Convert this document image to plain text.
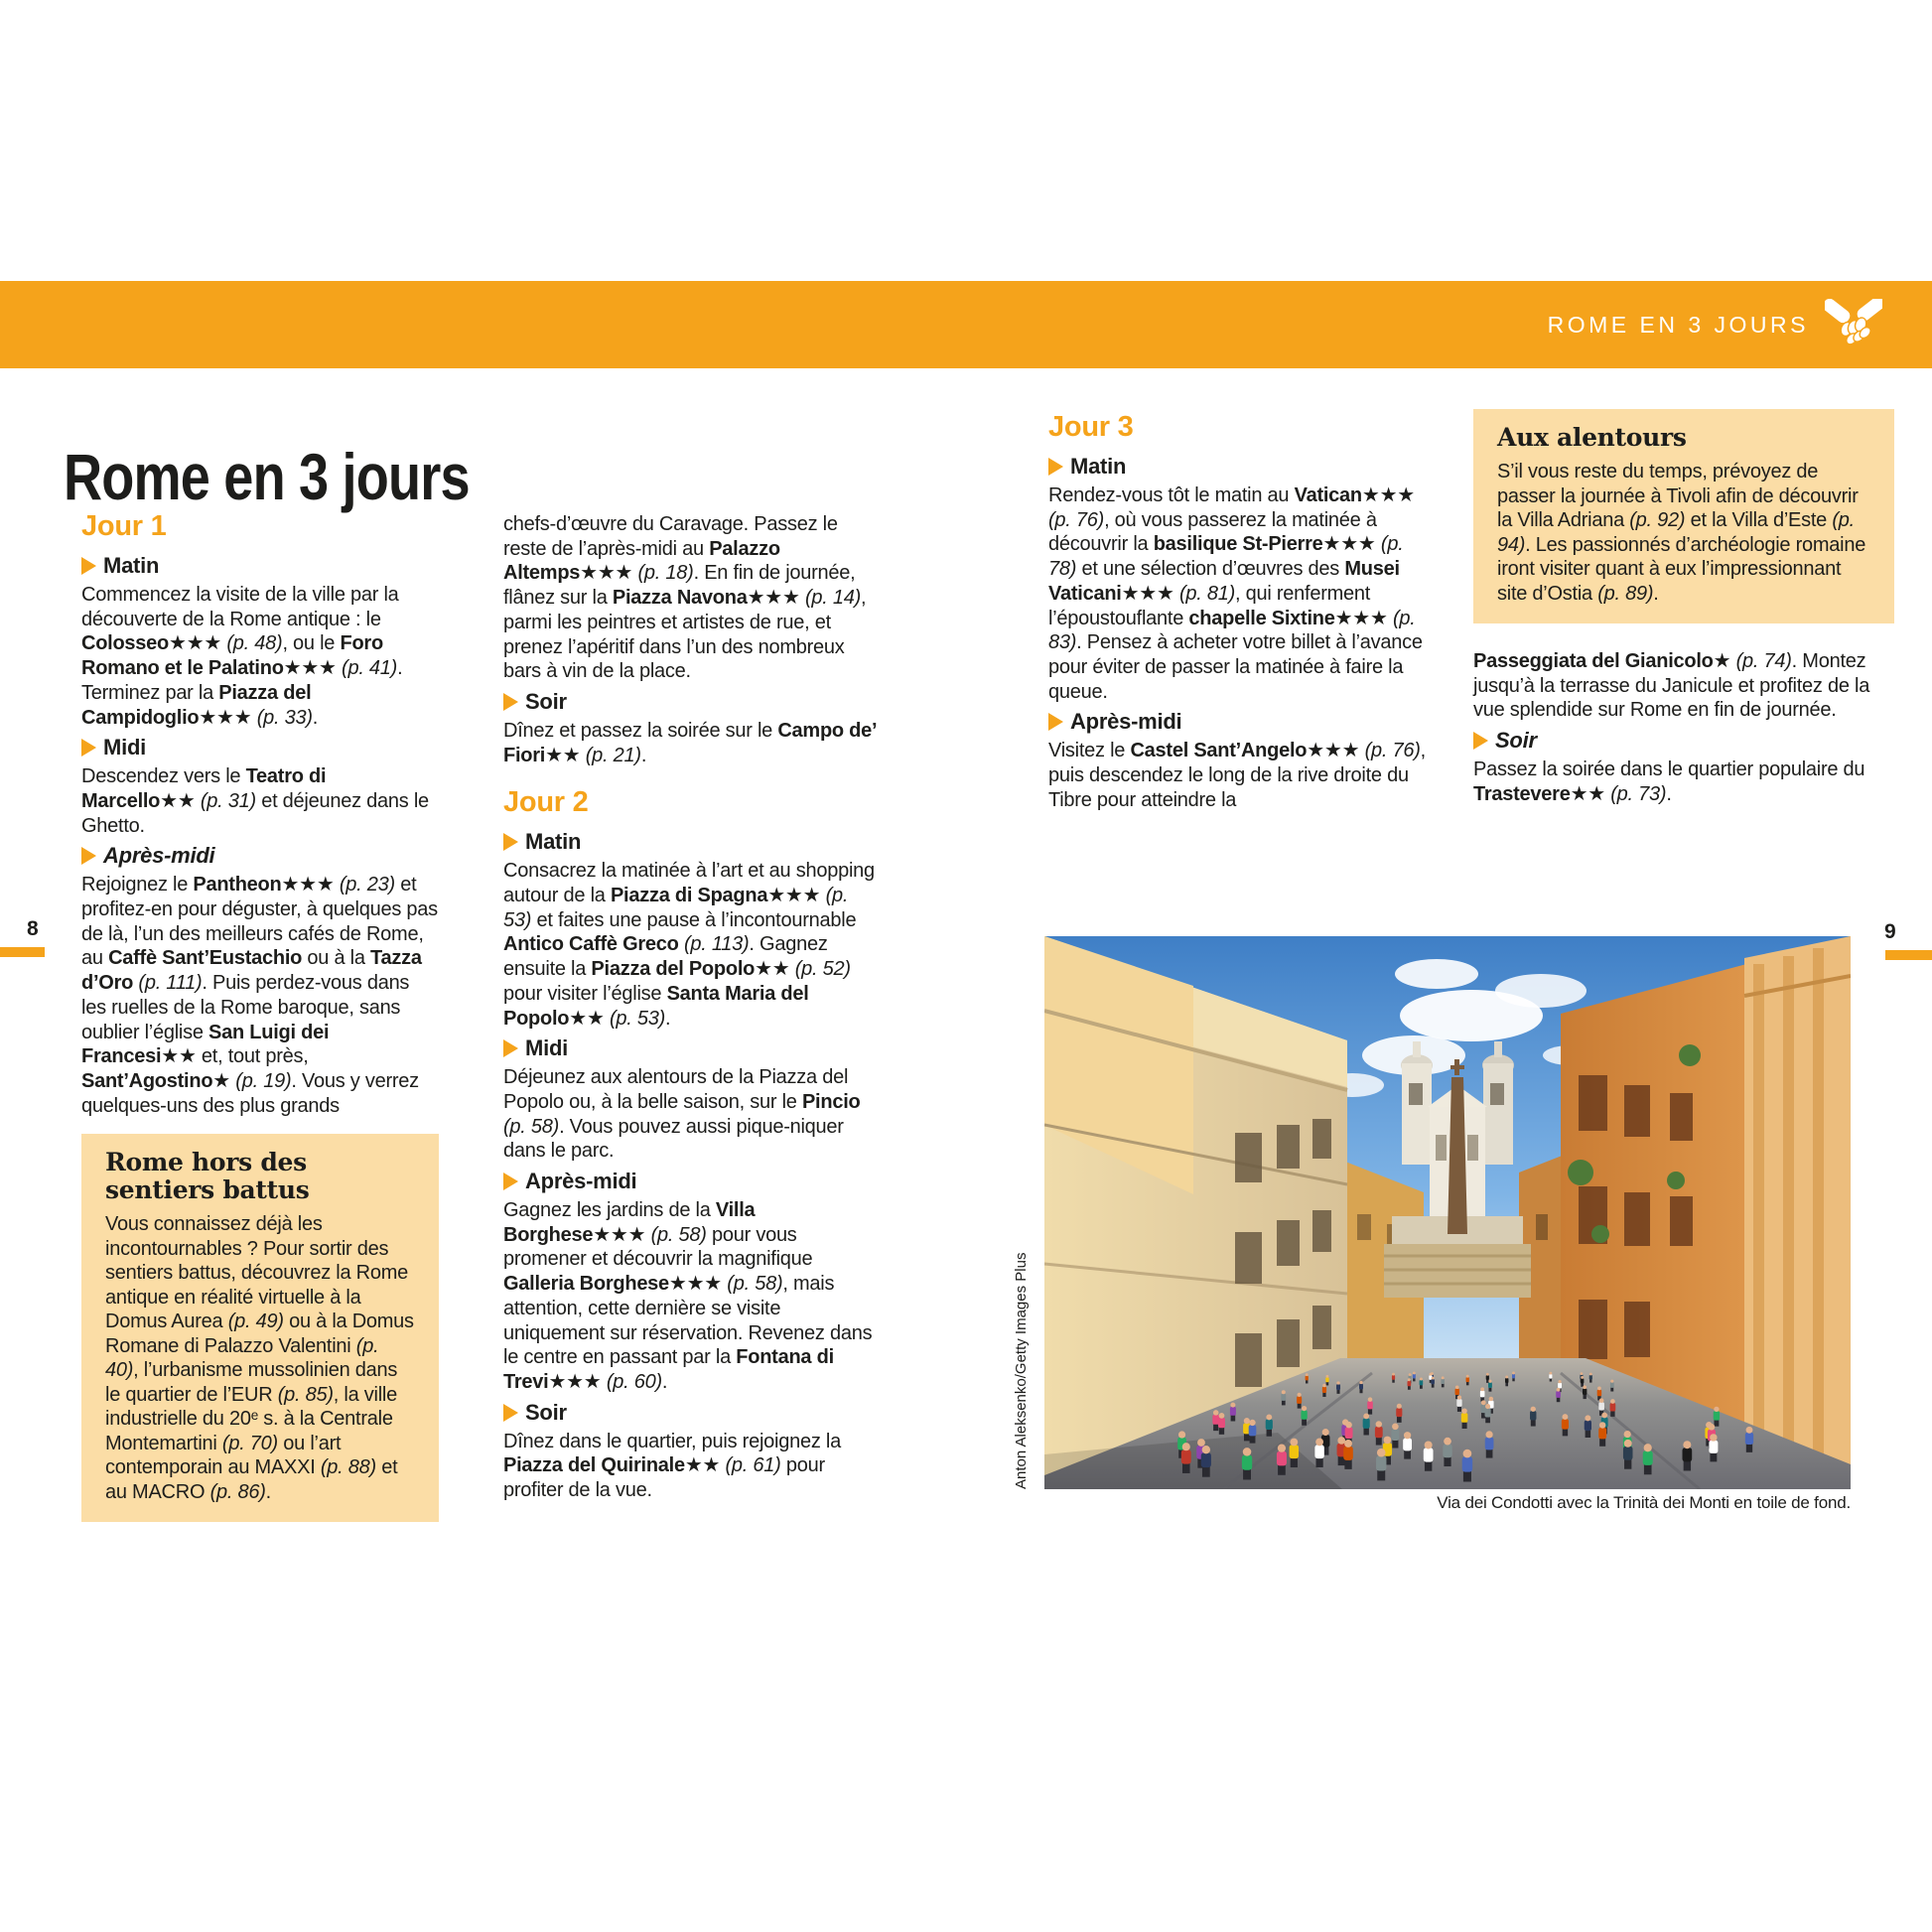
ROME EN 3 JOURS
Rome en 3 jours
8	9
Jour 1
Matin

Commencez la visite de la ville par la découverte de la Rome antique : le Colosseo★★★ (p. 48), ou le Foro Romano et le Palatino★★★ (p. 41). Terminez par la Piazza del Campidoglio★★★ (p. 33).

Midi

Descendez vers le Teatro di Marcello★★ (p. 31) et déjeunez dans le Ghetto.

Après-midi

Rejoignez le Pantheon★★★ (p. 23) et profitez-en pour déguster, à quelques pas de là, l’un des meilleurs cafés de Rome, au Caffè Sant’Eustachio ou à la Tazza d’Oro (p. 111). Puis perdez-vous dans les ruelles de la Rome baroque, sans oublier l’église San Luigi dei Francesi★★ et, tout près, Sant’Agostino★ (p. 19). Vous y verrez quelques-uns des plus grands

Rome hors des sentiers battus

Vous connaissez déjà les incontournables ? Pour sortir des sentiers battus, découvrez la Rome antique en réalité virtuelle à la Domus Aurea (p. 49) ou à la Domus Romane di Palazzo Valentini (p. 40), l’urbanisme mussolinien dans le quartier de l’EUR (p. 85), la ville industrielle du 20ᵉ s. à la Centrale Montemartini (p. 70) ou l’art contemporain au MAXXI (p. 88) et au MACRO (p. 86).

chefs-d’œuvre du Caravage. Passez le reste de l’après-midi au Palazzo Altemps★★★ (p. 18). En fin de journée, flânez sur la Piazza Navona★★★ (p. 14), parmi les peintres et artistes de rue, et prenez l’apéritif dans l’un des nombreux bars à vin de la place.

Soir

Dînez et passez la soirée sur le Campo de’ Fiori★★ (p. 21).

Jour 2
Matin

Consacrez la matinée à l’art et au shopping autour de la Piazza di Spagna★★★ (p. 53) et faites une pause à l’incontournable Antico Caffè Greco (p. 113). Gagnez ensuite la Piazza del Popolo★★ (p. 52) pour visiter l’église Santa Maria del Popolo★★ (p. 53).

Midi

Déjeunez aux alentours de la Piazza del Popolo ou, à la belle saison, sur le Pincio (p. 58). Vous pouvez aussi pique-niquer dans le parc.

Après-midi

Gagnez les jardins de la Villa Borghese★★★ (p. 58) pour vous promener et découvrir la magnifique Galleria Borghese★★★ (p. 58), mais attention, cette dernière se visite uniquement sur réservation. Revenez dans le centre en passant par la Fontana di Trevi★★★ (p. 60).

Soir

Dînez dans le quartier, puis rejoignez la Piazza del Quirinale★★ (p. 61) pour profiter de la vue.

Jour 3
Matin

Rendez-vous tôt le matin au Vatican★★★ (p. 76), où vous passerez la matinée à découvrir la basilique St-Pierre★★★ (p. 78) et une sélection d’œuvres des Musei Vaticani★★★ (p. 81), qui renferment l’époustouflante chapelle Sixtine★★★ (p. 83). Pensez à acheter votre billet à l’avance pour éviter de passer la matinée à faire la queue.

Après-midi

Visitez le Castel Sant’Angelo★★★ (p. 76), puis descendez le long de la rive droite du Tibre pour atteindre la

Aux alentours

S’il vous reste du temps, prévoyez de passer la journée à Tivoli afin de découvrir la Villa Adriana (p. 92) et la Villa d’Este (p. 94). Les passionnés d’archéologie romaine iront visiter quant à eux l’impressionnant site d’Ostia (p. 89).

Passeggiata del Gianicolo★ (p. 74). Montez jusqu’à la terrasse du Janicule et profitez de la vue splendide sur Rome en fin de journée.

Soir

Passez la soirée dans le quartier populaire du Trastevere★★ (p. 73).

Via dei Condotti avec la Trinità dei Monti en toile de fond.
Anton Aleksenko/Getty Images Plus
